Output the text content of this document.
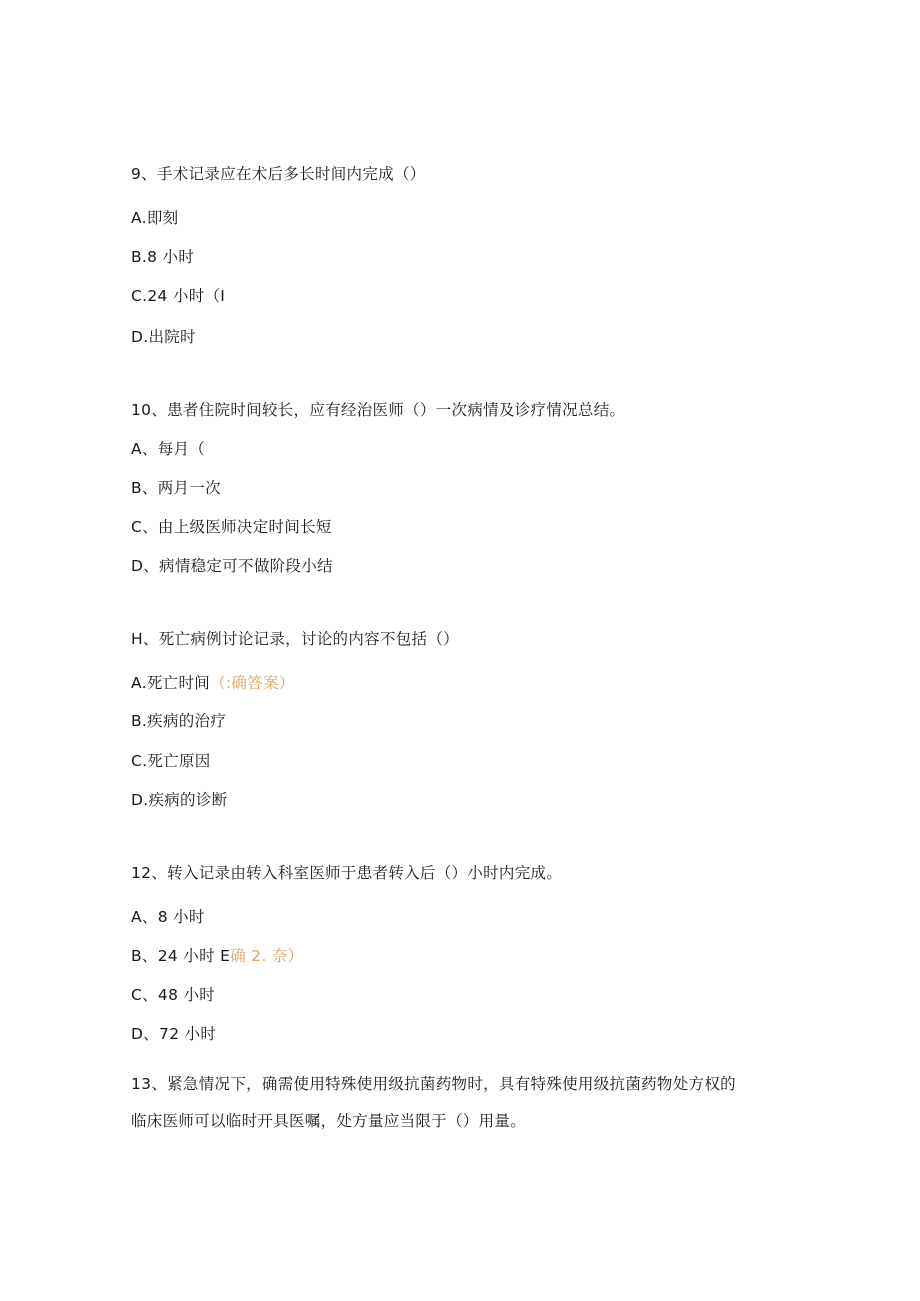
9、手术记录应在术后多长时间内完成（）
A.即刻
B.8 小时
C.24 小时（I
D.出院时
10、患者住院时间较长，应有经治医师（）一次病情及诊疗情况总结。
A、每月（
B、两月一次
C、由上级医师决定时间长短
D、病情稳定可不做阶段小结
H、死亡病例讨论记录，讨论的内容不包括（）
A.死亡时间（:确答案）
B.疾病的治疗
C.死亡原因
D.疾病的诊断
12、转入记录由转入科室医师于患者转入后（）小时内完成。
A、8 小时
B、24 小时 E确 2. 奈）
C、48 小时
D、72 小时
13、紧急情况下，确需使用特殊使用级抗菌药物时，具有特殊使用级抗菌药物处方权的
临床医师可以临时开具医嘱，处方量应当限于（）用量。
